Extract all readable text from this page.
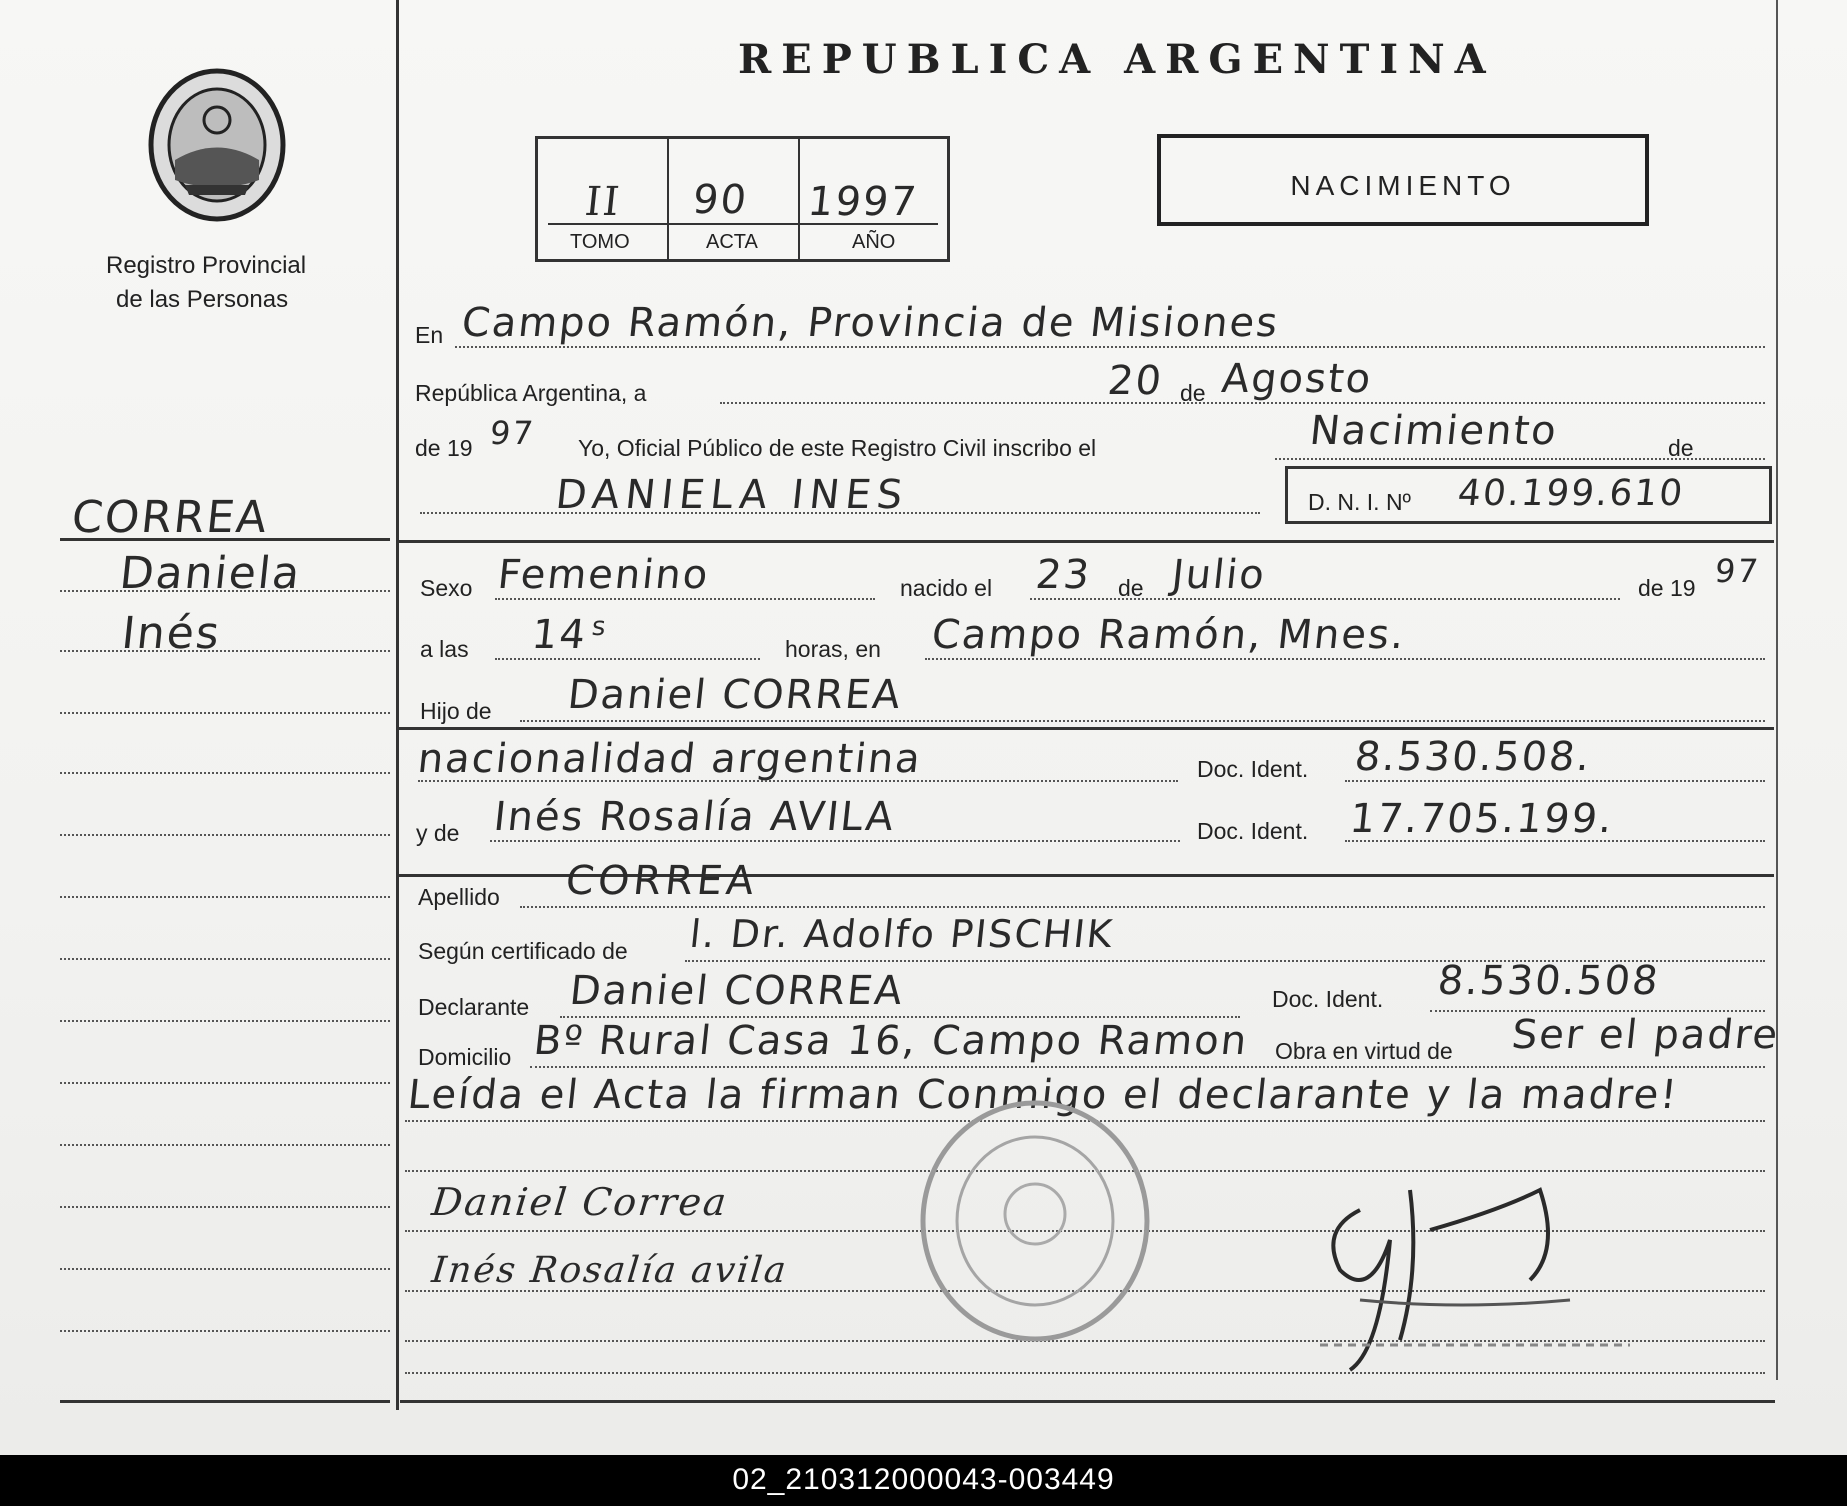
Registro Provincial
de las Personas
CORREA
Daniela
Inés
REPUBLICA ARGENTINA
II 90 1997
TOMO	ACTA	AÑO
NACIMIENTO
En Campo Ramón, Provincia de Misiones
República Argentina, a	20 de Agosto
de 19 97 Yo, Oficial Público de este Registro Civil inscribo el	Nacimiento	de
DANIELA INES	D. N. I. Nº 40.199.610
Sexo Femenino	nacido el 23 de Julio	de 19 97
a las 14 s
horas, en Campo Ramón, Mnes.
Hijo de Daniel CORREA
nacionalidad argentina	Doc. Ident. 8.530.508.
y de Inés Rosalía AVILA	Doc. Ident. 17.705.199.
Apellido CORREA
Según certificado de l. Dr. Adolfo PISCHIK
Declarante Daniel CORREA	Doc. Ident. 8.530.508
Domicilio Bº Rural Casa 16, Campo Ramon Obra en virtud de Ser el padre
Leída el Acta la firman Conmigo el declarante y la madre!
Daniel Correa
Inés Rosalía avila
02_210312000043-003449
